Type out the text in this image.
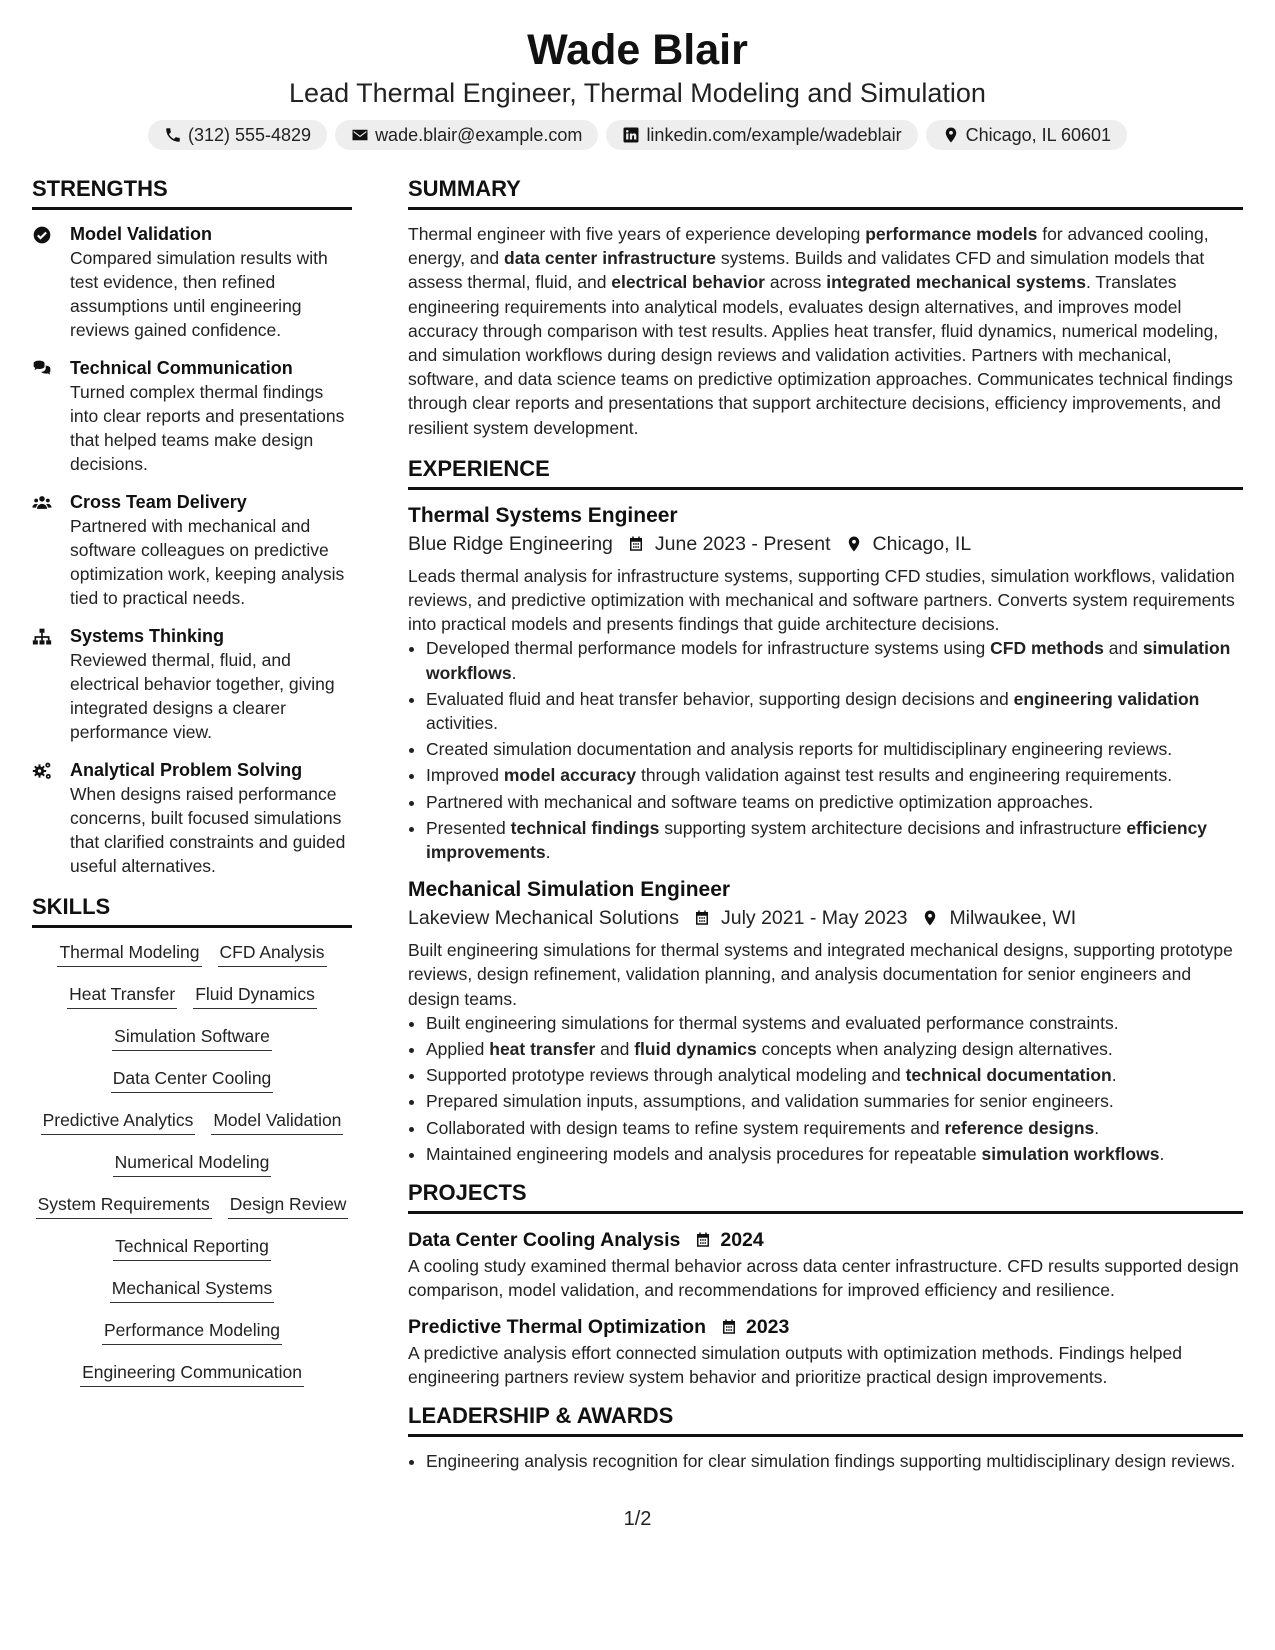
Wade Blair
Lead Thermal Engineer, Thermal Modeling and Simulation
(312) 555-4829	wade.blair@example.com	linkedin.com/example/wadeblair	Chicago, IL 60601
STRENGTHS
Model Validation
Compared simulation results with test evidence, then refined assumptions until engineering reviews gained confidence.
Technical Communication
Turned complex thermal findings into clear reports and presentations that helped teams make design decisions.
Cross Team Delivery
Partnered with mechanical and software colleagues on predictive optimization work, keeping analysis tied to practical needs.
Systems Thinking
Reviewed thermal, fluid, and electrical behavior together, giving integrated designs a clearer performance view.
Analytical Problem Solving
When designs raised performance concerns, built focused simulations that clarified constraints and guided useful alternatives.
SKILLS
Thermal Modeling CFD Analysis
Heat Transfer Fluid Dynamics
Simulation Software
Data Center Cooling
Predictive Analytics Model Validation
Numerical Modeling
System Requirements Design Review
Technical Reporting
Mechanical Systems
Performance Modeling
Engineering Communication
SUMMARY

Thermal engineer with five years of experience developing performance models for advanced cooling, energy, and data center infrastructure systems. Builds and validates CFD and simulation models that assess thermal, fluid, and electrical behavior across integrated mechanical systems. Translates engineering requirements into analytical models, evaluates design alternatives, and improves model accuracy through comparison with test results. Applies heat transfer, fluid dynamics, numerical modeling, and simulation workflows during design reviews and validation activities. Partners with mechanical, software, and data science teams on predictive optimization approaches. Communicates technical findings through clear reports and presentations that support architecture decisions, efficiency improvements, and resilient system development.

EXPERIENCE
Thermal Systems Engineer
Blue Ridge Engineering June 2023 - Present Chicago, IL

Leads thermal analysis for infrastructure systems, supporting CFD studies, simulation workflows, validation reviews, and predictive optimization with mechanical and software partners. Converts system requirements into practical models and presents findings that guide architecture decisions.

• Developed thermal performance models for infrastructure systems using CFD methods and simulation workflows.
• Evaluated fluid and heat transfer behavior, supporting design decisions and engineering validation activities.
• Created simulation documentation and analysis reports for multidisciplinary engineering reviews.
• Improved model accuracy through validation against test results and engineering requirements.
• Partnered with mechanical and software teams on predictive optimization approaches.
• Presented technical findings supporting system architecture decisions and infrastructure efficiency improvements.
Mechanical Simulation Engineer
Lakeview Mechanical Solutions July 2021 - May 2023 Milwaukee, WI

Built engineering simulations for thermal systems and integrated mechanical designs, supporting prototype reviews, design refinement, validation planning, and analysis documentation for senior engineers and design teams.

• Built engineering simulations for thermal systems and evaluated performance constraints.
• Applied heat transfer and fluid dynamics concepts when analyzing design alternatives.
• Supported prototype reviews through analytical modeling and technical documentation.
• Prepared simulation inputs, assumptions, and validation summaries for senior engineers.
• Collaborated with design teams to refine system requirements and reference designs.
• Maintained engineering models and analysis procedures for repeatable simulation workflows.
PROJECTS
Data Center Cooling Analysis 2024

A cooling study examined thermal behavior across data center infrastructure. CFD results supported design comparison, model validation, and recommendations for improved efficiency and resilience.

Predictive Thermal Optimization 2023

A predictive analysis effort connected simulation outputs with optimization methods. Findings helped engineering partners review system behavior and prioritize practical design improvements.

LEADERSHIP & AWARDS
• Engineering analysis recognition for clear simulation findings supporting multidisciplinary design reviews.
1/2
